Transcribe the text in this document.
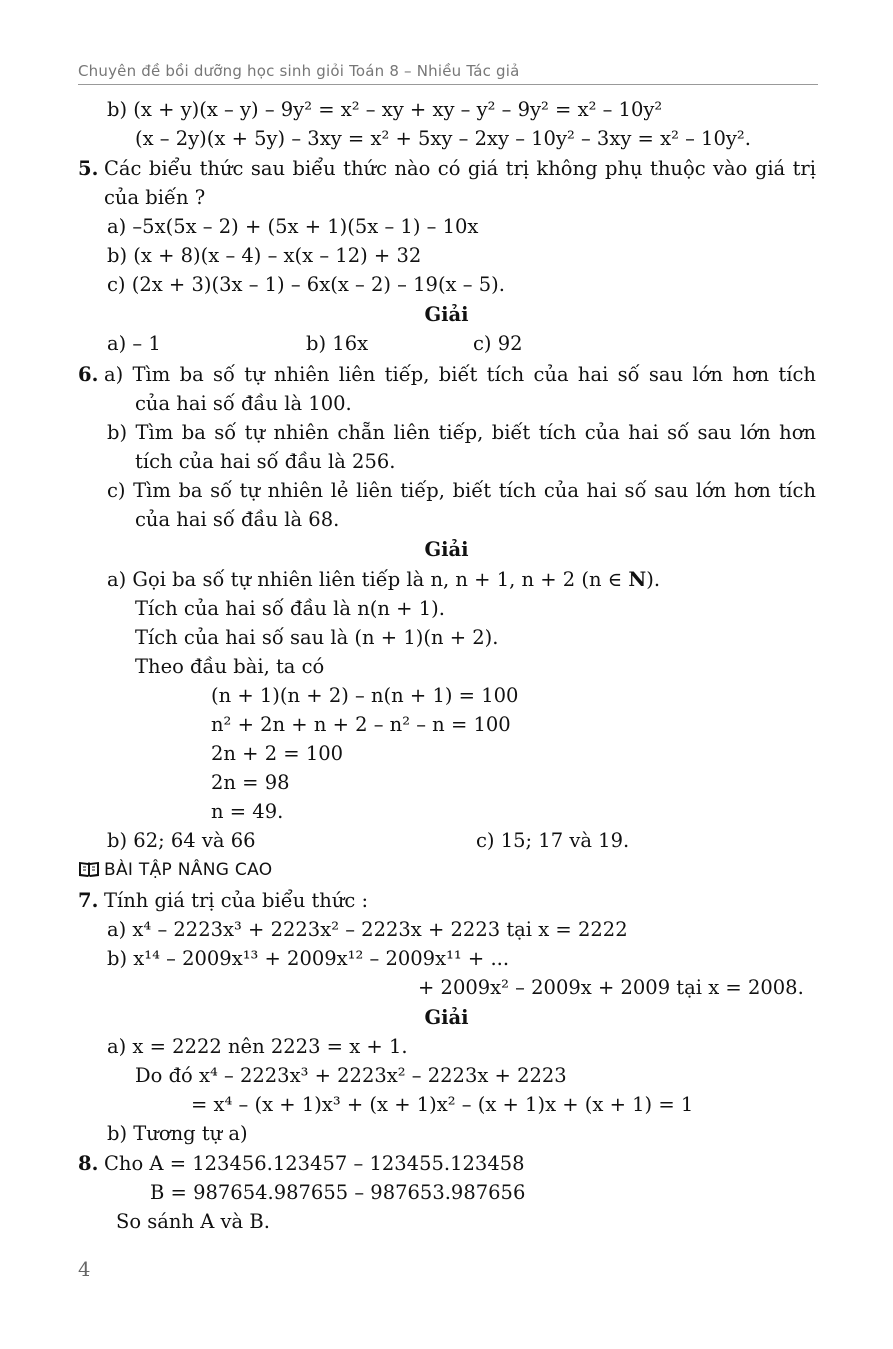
Chuyên đề bồi dưỡng học sinh giỏi Toán 8 – Nhiều Tác giả
b) (x + y)(x – y) – 9y² = x² – xy + xy – y² – 9y² = x² – 10y²
(x – 2y)(x + 5y) – 3xy = x² + 5xy – 2xy – 10y² – 3xy = x² – 10y².
5. Các biểu thức sau biểu thức nào có giá trị không phụ thuộc vào giá trị
của biến ?
a) –5x(5x – 2) + (5x + 1)(5x – 1) – 10x
b) (x + 8)(x – 4) – x(x – 12) + 32
c) (2x + 3)(3x – 1) – 6x(x – 2) – 19(x – 5).
Giải
a) – 1	b) 16x	c) 92
6. a) Tìm ba số tự nhiên liên tiếp, biết tích của hai số sau lớn hơn tích
của hai số đầu là 100.
b) Tìm ba số tự nhiên chẵn liên tiếp, biết tích của hai số sau lớn hơn
tích của hai số đầu là 256.
c) Tìm ba số tự nhiên lẻ liên tiếp, biết tích của hai số sau lớn hơn tích
của hai số đầu là 68.
Giải
a) Gọi ba số tự nhiên liên tiếp là n, n + 1, n + 2 (n ∈ N).
Tích của hai số đầu là n(n + 1).
Tích của hai số sau là (n + 1)(n + 2).
Theo đầu bài, ta có
(n + 1)(n + 2) – n(n + 1) = 100
n² + 2n + n + 2 – n² – n = 100
2n + 2 = 100
2n = 98
n = 49.
b) 62; 64 và 66	c) 15; 17 và 19.
BÀI TẬP NÂNG CAO
7. Tính giá trị của biểu thức :
a) x⁴ – 2223x³ + 2223x² – 2223x + 2223 tại x = 2222
b) x¹⁴ – 2009x¹³ + 2009x¹² – 2009x¹¹ + ...
+ 2009x² – 2009x + 2009 tại x = 2008.
Giải
a) x = 2222 nên 2223 = x + 1.
Do đó x⁴ – 2223x³ + 2223x² – 2223x + 2223
= x⁴ – (x + 1)x³ + (x + 1)x² – (x + 1)x + (x + 1) = 1
b) Tương tự a)
8. Cho A = 123456.123457 – 123455.123458
B = 987654.987655 – 987653.987656
So sánh A và B.
4
